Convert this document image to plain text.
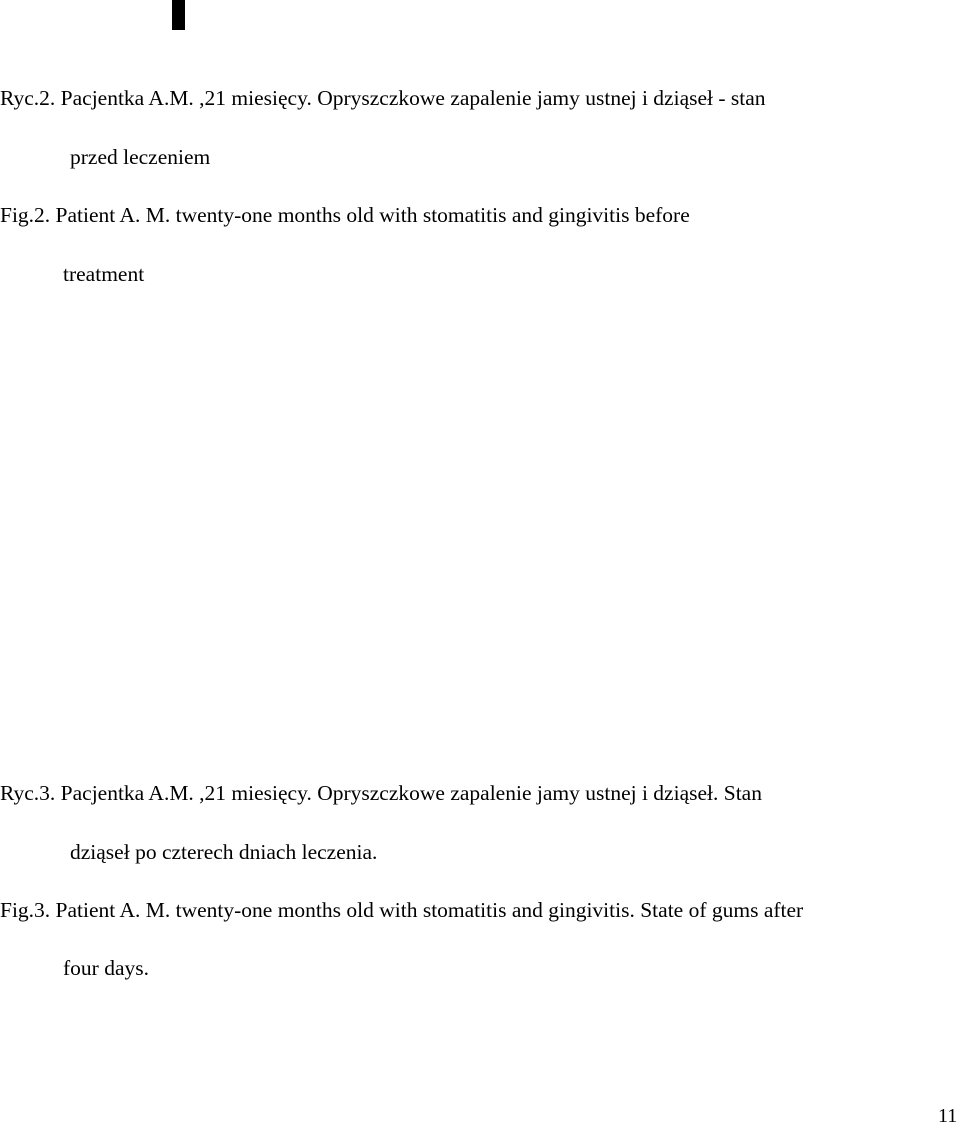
Ryc.2. Pacjentka A.M. ,21 miesięcy. Opryszczkowe zapalenie jamy ustnej i dziąseł - stan

przed leczeniem

Fig.2. Patient A. M. twenty-one months old with stomatitis and gingivitis before

treatment

Ryc.3. Pacjentka A.M. ,21 miesięcy. Opryszczkowe zapalenie jamy ustnej i dziąseł. Stan

dziąseł po czterech dniach leczenia.

Fig.3. Patient A. M. twenty-one months old with stomatitis and gingivitis. State of gums after

four days.

11
